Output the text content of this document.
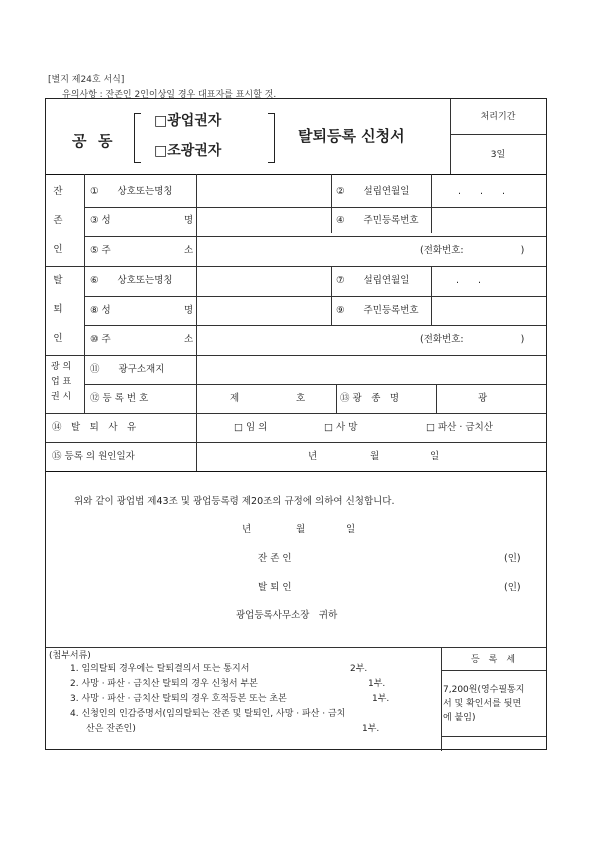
[별지 제24호 서식]
유의사항 : 잔존인 2인이상일 경우 대표자를 표시할 것.
공 동
□광업권자
□조광권자
탈퇴등록 신청서
처리기간
3일
잔
존
인
①　　상호또는명칭	②　　설립연월일	.　　.　　.
③ 성	명	④　　주민등록번호
⑤ 주	소	(전화번호:　　　　　　)
탈
퇴
인
⑥　　상호또는명칭	⑦　　설립연월일	.　　.
⑧ 성	명	⑨　　주민등록번호
⑩ 주	소	(전화번호:　　　　　　)
광 의
업 표
권 시
⑪　　광구소재지
⑫ 등 록 번 호	제	호	⑬ 광　종　명	광
⑭　탈　퇴　사　유	□ 임 의	□ 사 망	□ 파산 · 금치산
⑮ 등록 의 원인일자	년	월	일
위와 같이 광업법 제43조 및 광업등록령 제20조의 규정에 의하여 신청합니다.
년	월	일
잔 존 인	(인)
탈 퇴 인	(인)
광업등록사무소장　귀하
(첨부서류)
1. 임의탈퇴 경우에는 탈퇴결의서 또는 통지서	2부.
2. 사망 · 파산 · 금치산 탈퇴의 경우 신청서 부본	1부.
3. 사망 · 파산 · 금치산 탈퇴의 경우 호적등본 또는 초본	1부.
4. 신청인의 인감증명서(임의탈퇴는 잔존 및 탈퇴인, 사망 · 파산 · 금치
산은 잔존인)	1부.
등　록　세
7,200원(영수필통지
서 및 확인서를 뒷면
에 붙임)
